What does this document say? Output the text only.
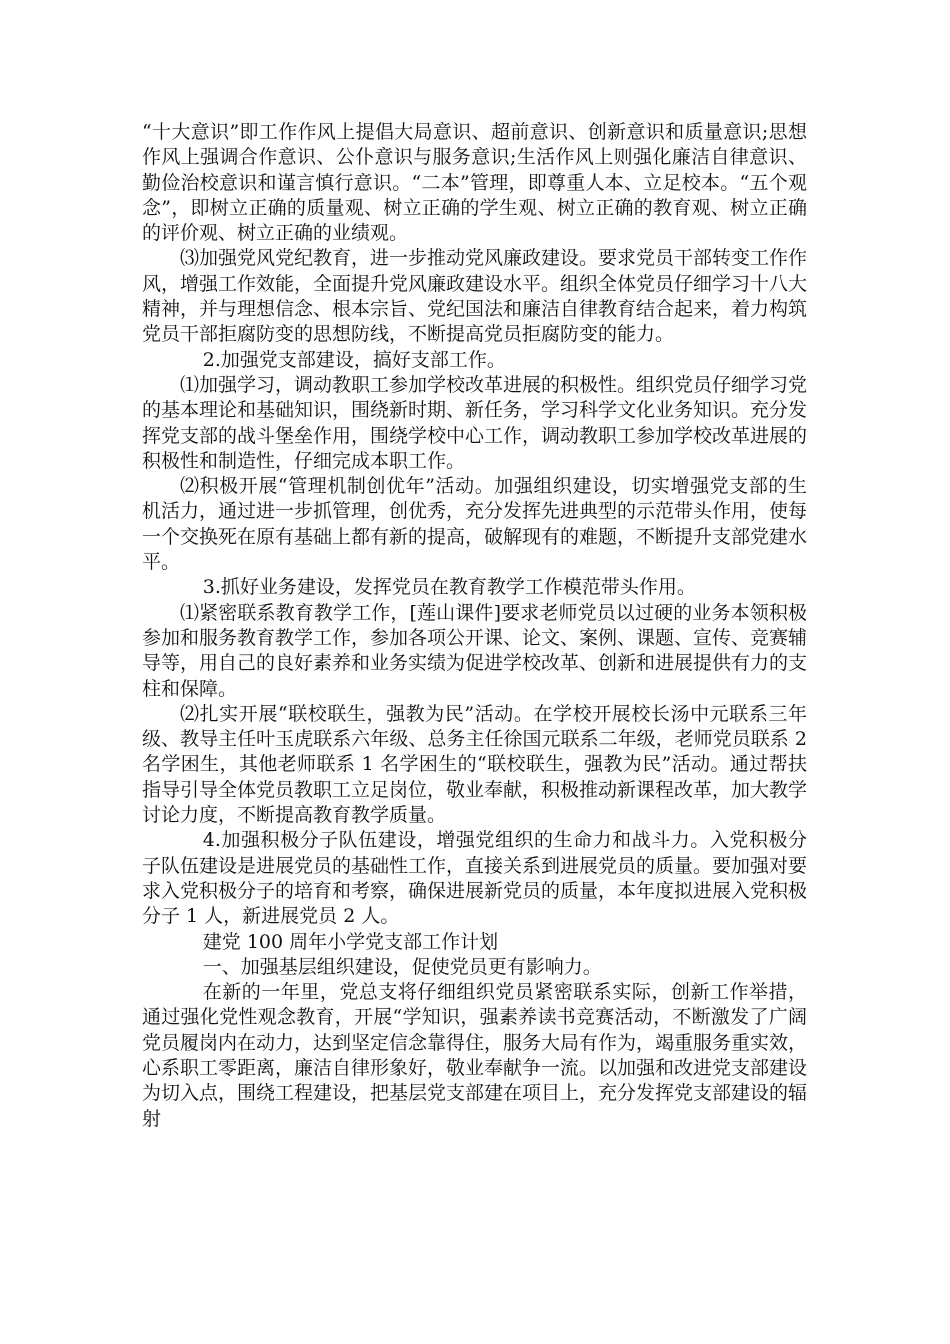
“十大意识”即工作作风上提倡大局意识、超前意识、创新意识和质量意识;思想作风上强调合作意识、公仆意识与服务意识;生活作风上则强化廉洁自律意识、勤俭治校意识和谨言慎行意识。“二本”管理，即尊重人本、立足校本。“五个观念”，即树立正确的质量观、树立正确的学生观、树立正确的教育观、树立正确的评价观、树立正确的业绩观。

⑶加强党风党纪教育，进一步推动党风廉政建设。要求党员干部转变工作作风，增强工作效能，全面提升党风廉政建设水平。组织全体党员仔细学习十八大精神，并与理想信念、根本宗旨、党纪国法和廉洁自律教育结合起来，着力构筑党员干部拒腐防变的思想防线，不断提高党员拒腐防变的能力。

2.加强党支部建设，搞好支部工作。

⑴加强学习，调动教职工参加学校改革进展的积极性。组织党员仔细学习党的基本理论和基础知识，围绕新时期、新任务，学习科学文化业务知识。充分发挥党支部的战斗堡垒作用，围绕学校中心工作，调动教职工参加学校改革进展的积极性和制造性，仔细完成本职工作。

⑵积极开展“管理机制创优年”活动。加强组织建设，切实增强党支部的生机活力，通过进一步抓管理，创优秀，充分发挥先进典型的示范带头作用，使每一个交换死在原有基础上都有新的提高，破解现有的难题，不断提升支部党建水平。

3.抓好业务建设，发挥党员在教育教学工作模范带头作用。

⑴紧密联系教育教学工作，[莲山课件]要求老师党员以过硬的业务本领积极参加和服务教育教学工作，参加各项公开课、论文、案例、课题、宣传、竞赛辅导等，用自己的良好素养和业务实绩为促进学校改革、创新和进展提供有力的支柱和保障。

⑵扎实开展“联校联生，强教为民”活动。在学校开展校长汤中元联系三年级、教导主任叶玉虎联系六年级、总务主任徐国元联系二年级，老师党员联系 2 名学困生，其他老师联系 1 名学困生的“联校联生，强教为民”活动。通过帮扶指导引导全体党员教职工立足岗位，敬业奉献，积极推动新课程改革，加大教学讨论力度，不断提高教育教学质量。

4.加强积极分子队伍建设，增强党组织的生命力和战斗力。入党积极分子队伍建设是进展党员的基础性工作，直接关系到进展党员的质量。要加强对要求入党积极分子的培育和考察，确保进展新党员的质量，本年度拟进展入党积极分子 1 人，新进展党员 2 人。

建党 100 周年小学党支部工作计划

一、加强基层组织建设，促使党员更有影响力。

在新的一年里，党总支将仔细组织党员紧密联系实际，创新工作举措，通过强化党性观念教育，开展“学知识，强素养读书竞赛活动，不断激发了广阔党员履岗内在动力，达到坚定信念靠得住，服务大局有作为，竭重服务重实效，心系职工零距离，廉洁自律形象好，敬业奉献争一流。以加强和改进党支部建设为切入点，围绕工程建设，把基层党支部建在项目上，充分发挥党支部建设的辐射
